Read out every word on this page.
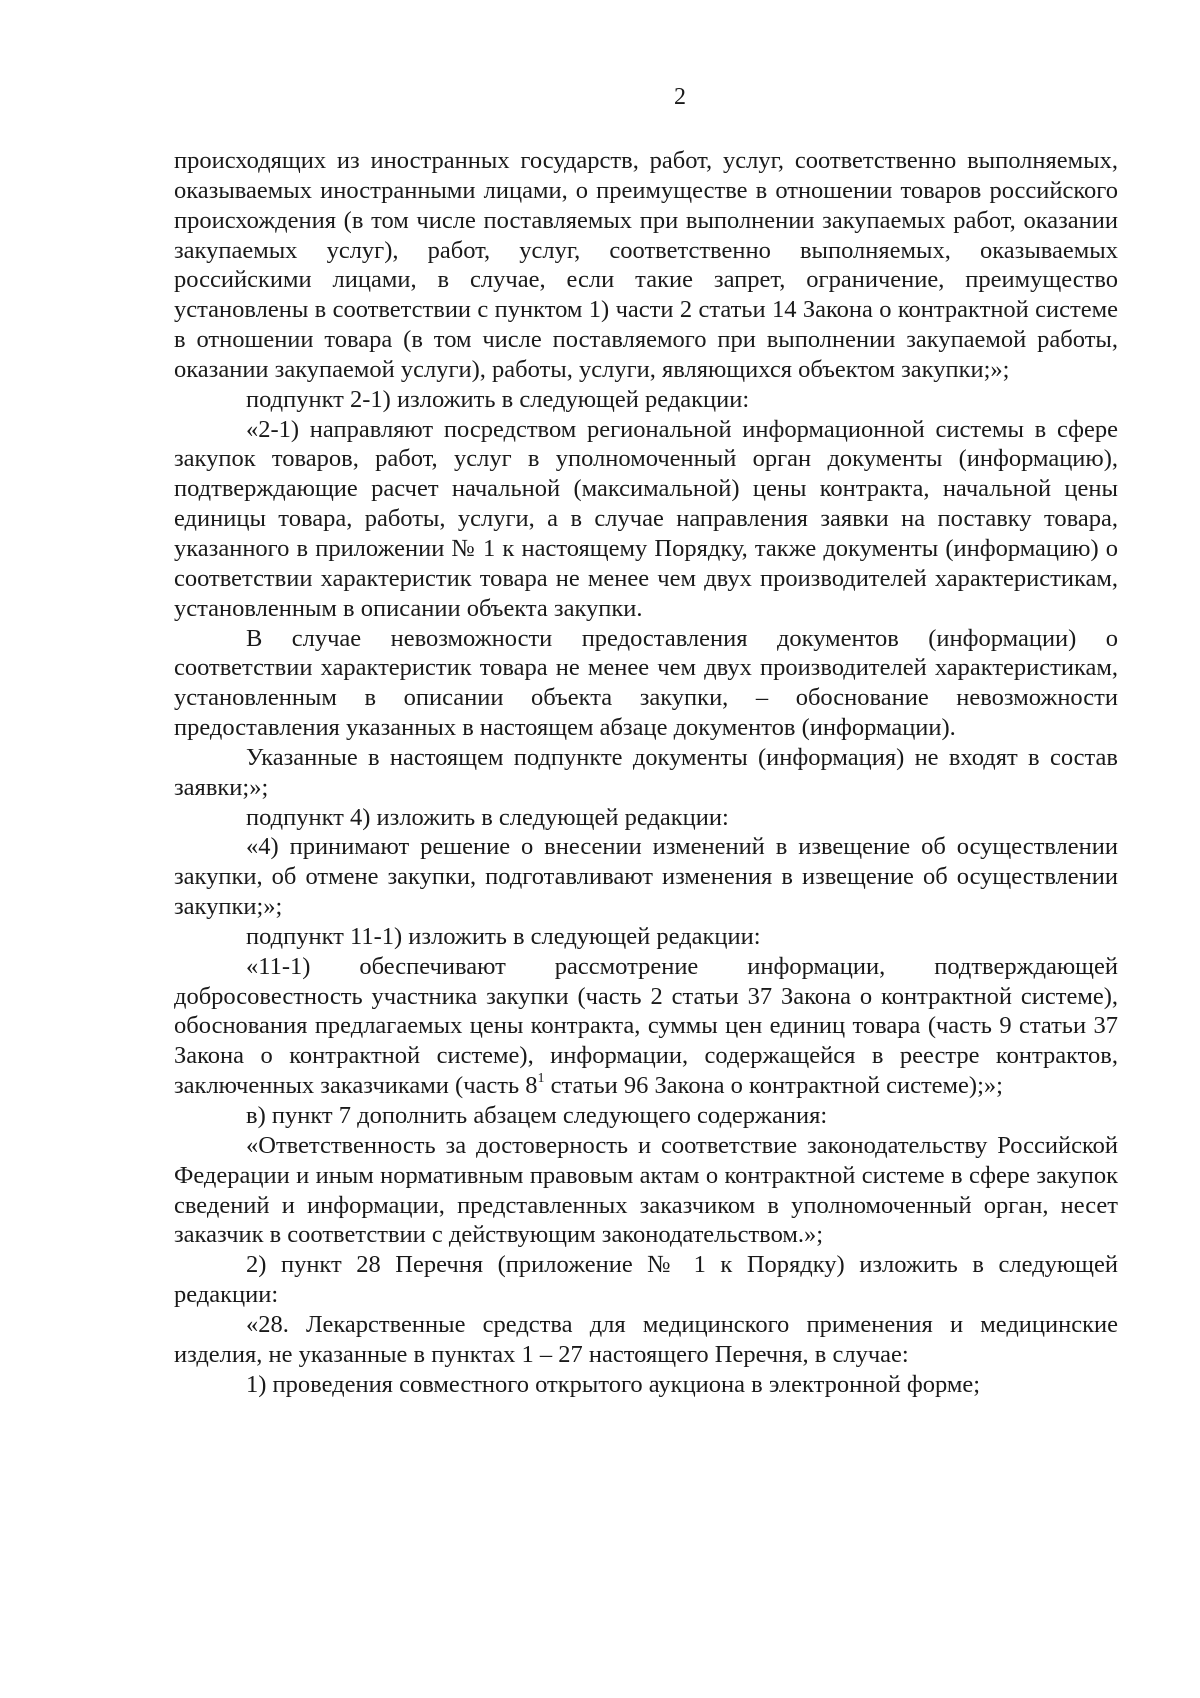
2

происходящих из иностранных государств, работ, услуг, соответственно выполняемых, оказываемых иностранными лицами, о преимуществе в отношении товаров российского происхождения (в том числе поставляемых при выполнении закупаемых работ, оказании закупаемых услуг), работ, услуг, соответственно выполняемых, оказываемых российскими лицами, в случае, если такие запрет, ограничение, преимущество установлены в соответствии с пунктом 1) части 2 статьи 14 Закона о контрактной системе в отношении товара (в том числе поставляемого при выполнении закупаемой работы, оказании закупаемой услуги), работы, услуги, являющихся объектом закупки;»;

подпункт 2-1) изложить в следующей редакции:

«2-1) направляют посредством региональной информационной системы в сфере закупок товаров, работ, услуг в уполномоченный орган документы (информацию), подтверждающие расчет начальной (максимальной) цены контракта, начальной цены единицы товара, работы, услуги, а в случае направления заявки на поставку товара, указанного в приложении № 1 к настоящему Порядку, также документы (информацию) о соответствии характеристик товара не менее чем двух производителей характеристикам, установленным в описании объекта закупки.

В случае невозможности предоставления документов (информации) о соответствии характеристик товара не менее чем двух производителей характеристикам, установленным в описании объекта закупки, – обоснование невозможности предоставления указанных в настоящем абзаце документов (информации).

Указанные в настоящем подпункте документы (информация) не входят в состав заявки;»;

подпункт 4) изложить в следующей редакции:

«4) принимают решение о внесении изменений в извещение об осуществлении закупки, об отмене закупки, подготавливают изменения в извещение об осуществлении закупки;»;

подпункт 11-1) изложить в следующей редакции:

«11-1) обеспечивают рассмотрение информации, подтверждающей добросовестность участника закупки (часть 2 статьи 37 Закона о контрактной системе), обоснования предлагаемых цены контракта, суммы цен единиц товара (часть 9 статьи 37 Закона о контрактной системе), информации, содержащейся в реестре контрактов, заключенных заказчиками (часть $8^1$ статьи 96 Закона о контрактной системе);»;

в) пункт 7 дополнить абзацем следующего содержания:

«Ответственность за достоверность и соответствие законодательству Российской Федерации и иным нормативным правовым актам о контрактной системе в сфере закупок сведений и информации, представленных заказчиком в уполномоченный орган, несет заказчик в соответствии с действующим законодательством.»;

2) пункт 28 Перечня (приложение № 1 к Порядку) изложить в следующей редакции:

«28. Лекарственные средства для медицинского применения и медицинские изделия, не указанные в пунктах 1 – 27 настоящего Перечня, в случае:

1) проведения совместного открытого аукциона в электронной форме;
